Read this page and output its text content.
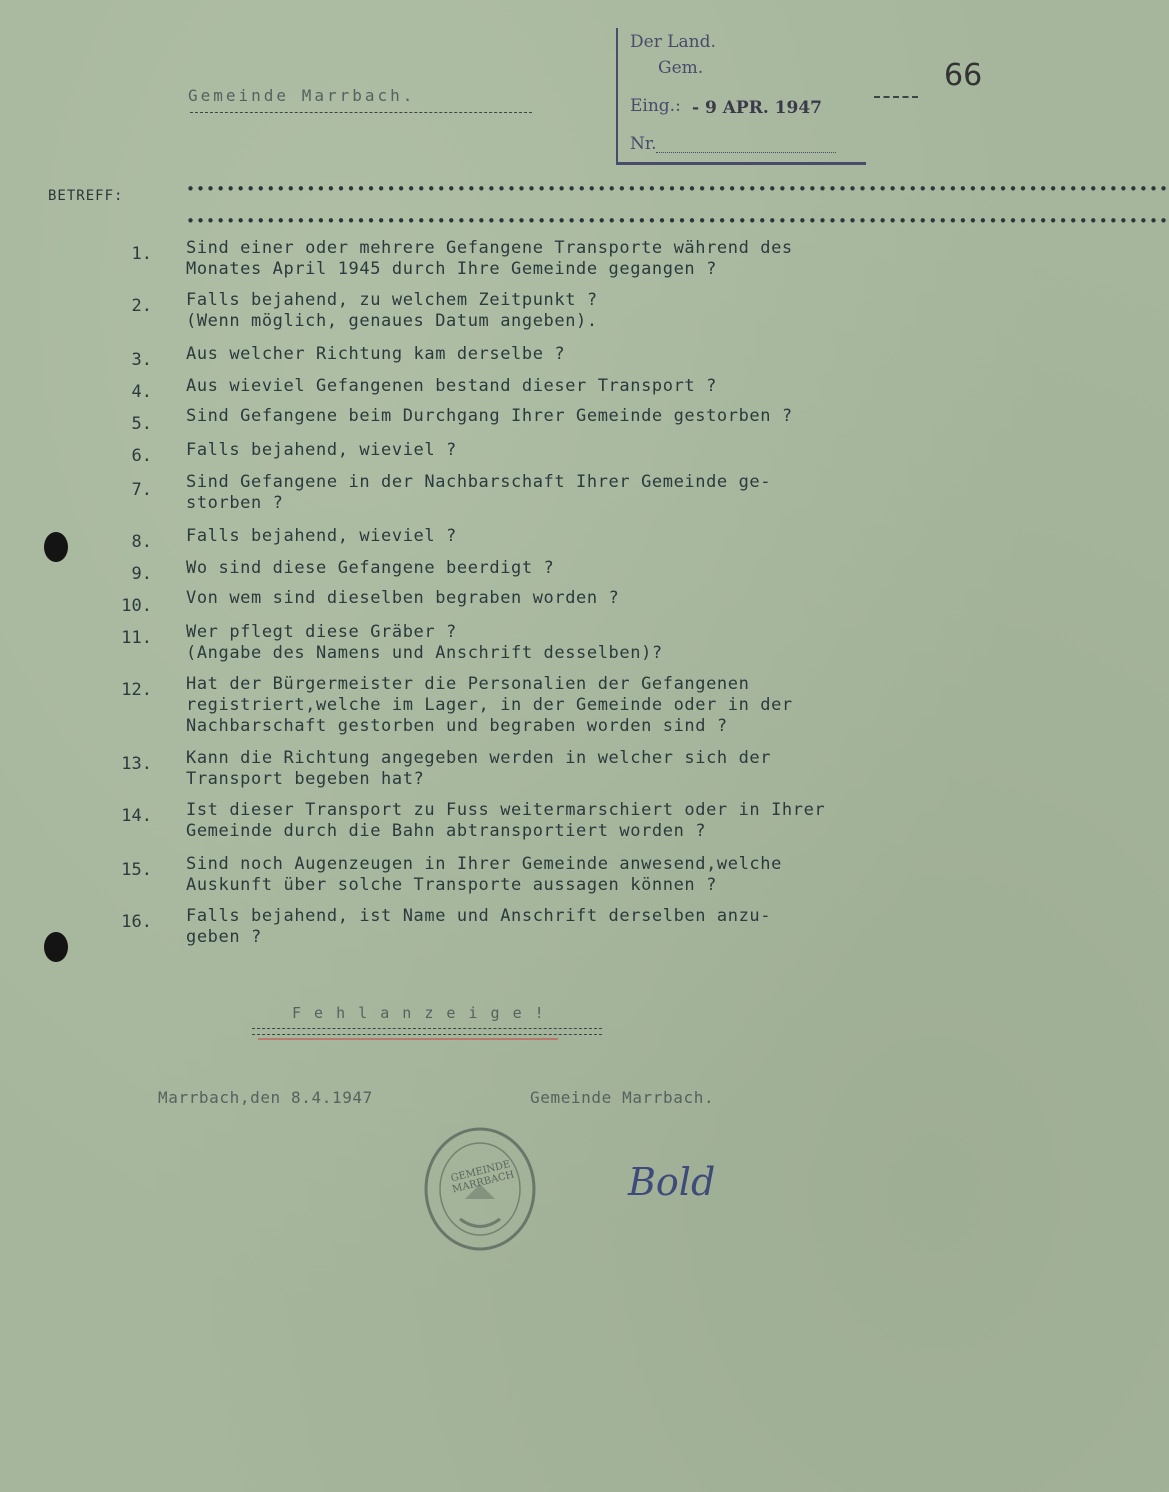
Gemeinde Marrbach.
66
Der Land.
Gem.
Eing.: - 9 APR. 1947
Nr.
BETREFF:	••••••••••••••••••••••••••••••••••••••••••••••••••••••••••••••••••••••••••••••••••••••••••••••••••
••••••••••••••••••••••••••••••••••••••••••••••••••••••••••••••••••••••••••••••••••••••••••••••••••
1. Sind einer oder mehrere Gefangene Transporte während des
Monates April 1945 durch Ihre Gemeinde gegangen ?
2. Falls bejahend, zu welchem Zeitpunkt ?
(Wenn möglich, genaues Datum angeben).
3. Aus welcher Richtung kam derselbe ?
4. Aus wieviel Gefangenen bestand dieser Transport ?
5. Sind Gefangene beim Durchgang Ihrer Gemeinde gestorben ?
6. Falls bejahend, wieviel ?
7. Sind Gefangene in der Nachbarschaft Ihrer Gemeinde ge-
storben ?
8. Falls bejahend, wieviel ?
9. Wo sind diese Gefangene beerdigt ?
10. Von wem sind dieselben begraben worden ?
11. Wer pflegt diese Gräber ?
(Angabe des Namens und Anschrift desselben)?
12. Hat der Bürgermeister die Personalien der Gefangenen
registriert,welche im Lager, in der Gemeinde oder in der
Nachbarschaft gestorben und begraben worden sind ?
13. Kann die Richtung angegeben werden in welcher sich der
Transport begeben hat?
14. Ist dieser Transport zu Fuss weitermarschiert oder in Ihrer
Gemeinde durch die Bahn abtransportiert worden ?
15. Sind noch Augenzeugen in Ihrer Gemeinde anwesend,welche
Auskunft über solche Transporte aussagen können ?
16. Falls bejahend, ist Name und Anschrift derselben anzu-
geben ?
F e h l a n z e i g e !
Marrbach,den 8.4.1947	Gemeinde Marrbach.
GEMEINDE MARRBACH	Bold
